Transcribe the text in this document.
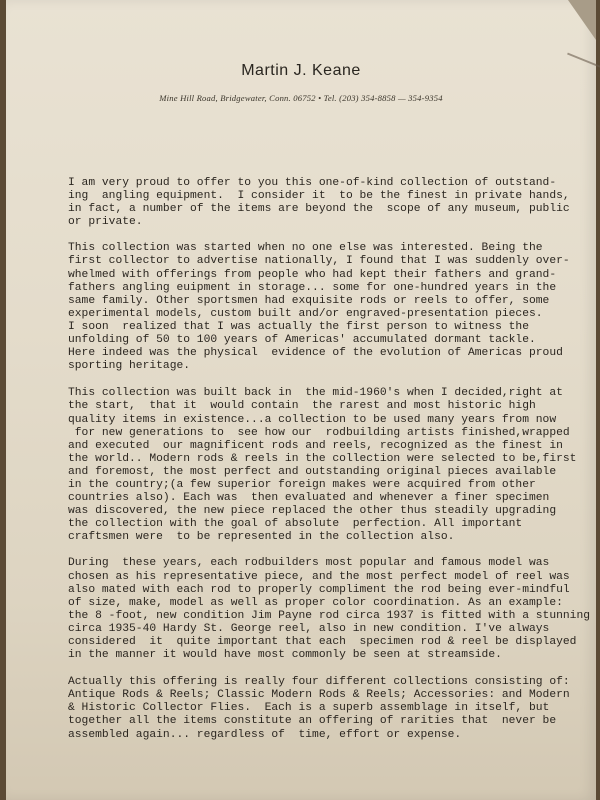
Martin J. Keane
Mine Hill Road, Bridgewater, Conn. 06752 • Tel. (203) 354-8858 — 354-9354
I am very proud to offer to you this one-of-kind collection of outstand-
ing  angling equipment.  I consider it  to be the finest in private hands,
in fact, a number of the items are beyond the  scope of any museum, public
or private.
This collection was started when no one else was interested. Being the
first collector to advertise nationally, I found that I was suddenly over-
whelmed with offerings from people who had kept their fathers and grand-
fathers angling euipment in storage... some for one-hundred years in the
same family. Other sportsmen had exquisite rods or reels to offer, some
experimental models, custom built and/or engraved-presentation pieces.
I soon  realized that I was actually the first person to witness the
unfolding of 50 to 100 years of Americas' accumulated dormant tackle.
Here indeed was the physical  evidence of the evolution of Americas proud
sporting heritage.
This collection was built back in  the mid-1960's when I decided,right at
the start,  that it  would contain  the rarest and most historic high
quality items in existence...a collection to be used many years from now
for new generations to  see how our  rodbuilding artists finished,wrapped
and executed  our magnificent rods and reels, recognized as the finest in
the world.. Modern rods & reels in the collection were selected to be,first
and foremost, the most perfect and outstanding original pieces available
in the country;(a few superior foreign makes were acquired from other
countries also). Each was  then evaluated and whenever a finer specimen
was discovered, the new piece replaced the other thus steadily upgrading
the collection with the goal of absolute  perfection. All important
craftsmen were  to be represented in the collection also.
During  these years, each rodbuilders most popular and famous model was
chosen as his representative piece, and the most perfect model of reel was
also mated with each rod to properly compliment the rod being ever-mindful
of size, make, model as well as proper color coordination. As an example:
the 8 -foot, new condition Jim Payne rod circa 1937 is fitted with a stunning
circa 1935-40 Hardy St. George reel, also in new condition. I've always
considered  it  quite important that each  specimen rod & reel be displayed
in the manner it would have most commonly be seen at streamside.
Actually this offering is really four different collections consisting of:
Antique Rods & Reels; Classic Modern Rods & Reels; Accessories: and Modern
& Historic Collector Flies.  Each is a superb assemblage in itself, but
together all the items constitute an offering of rarities that  never be
assembled again... regardless of  time, effort or expense.
